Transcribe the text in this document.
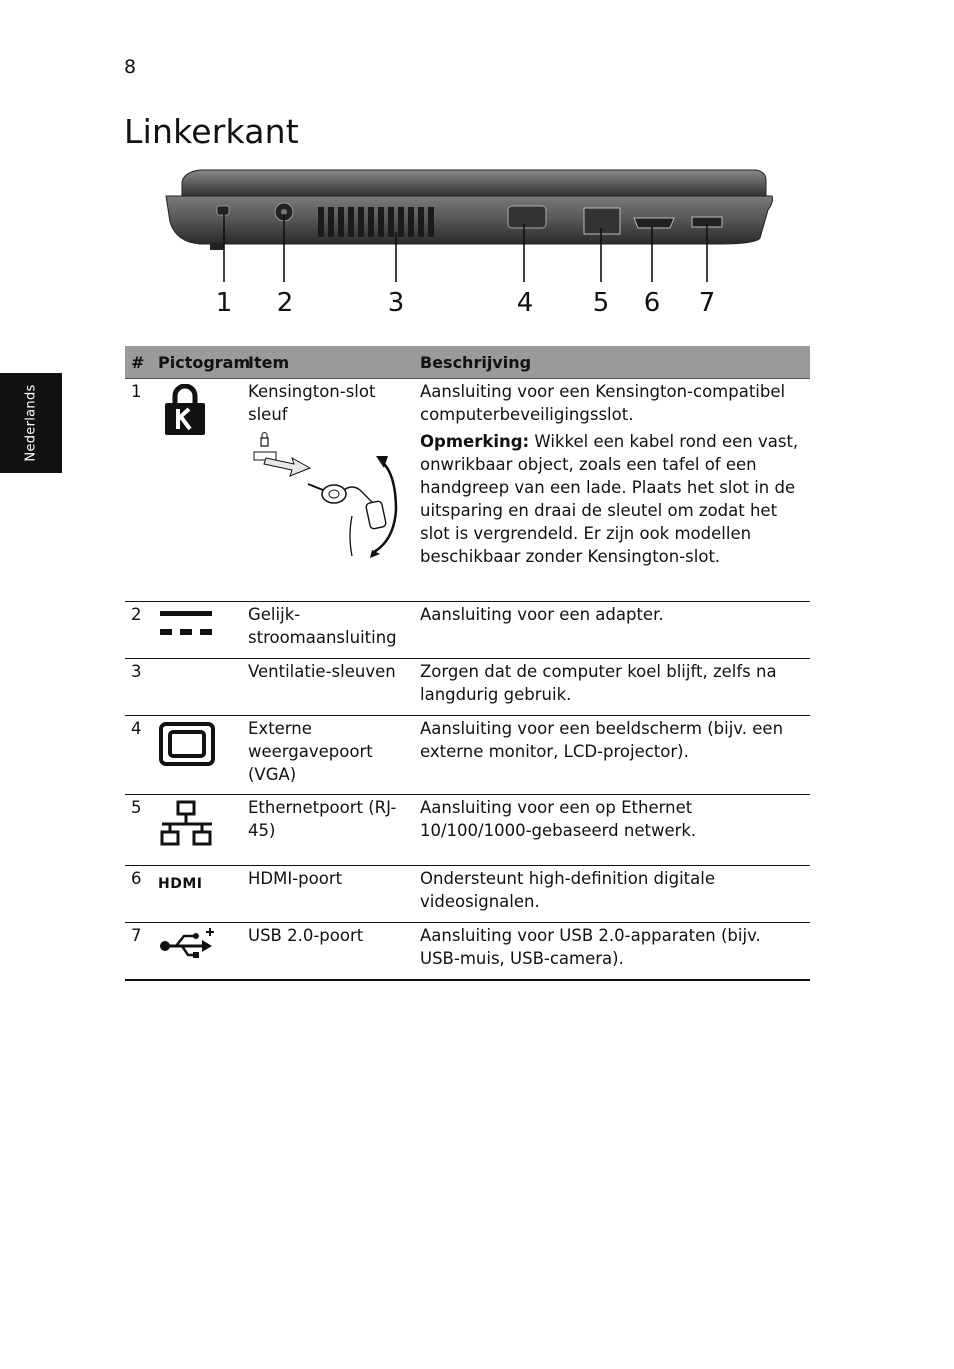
8
Linkerkant
Nederlands
1 2	3	4 5 6 7
#	Pictogram	Item	Beschrijving
1		Kensington-slot sleuf	Aansluiting voor een Kensington-compatibel computerbeveiligingsslot.
Opmerking: Wikkel een kabel rond een vast, onwrikbaar object, zoals een tafel of een handgreep van een lade. Plaats het slot in de uitsparing en draai de sleutel om zodat het slot is vergrendeld. Er zijn ook modellen beschikbaar zonder Kensington-slot.

2		Gelijk-stroomaansluiting	Aansluiting voor een adapter.
3		Ventilatie-sleuven	Zorgen dat de computer koel blijft, zelfs na langdurig gebruik.
4		Externe weergavepoort (VGA)	Aansluiting voor een beeldscherm (bijv. een externe monitor, LCD-projector).
5		Ethernetpoort (RJ-45)	Aansluiting voor een op Ethernet 10/100/1000-gebaseerd netwerk.
6	HDMI	HDMI-poort	Ondersteunt high-definition digitale videosignalen.
7		USB 2.0-poort	Aansluiting voor USB 2.0-apparaten (bijv. USB-muis, USB-camera).
